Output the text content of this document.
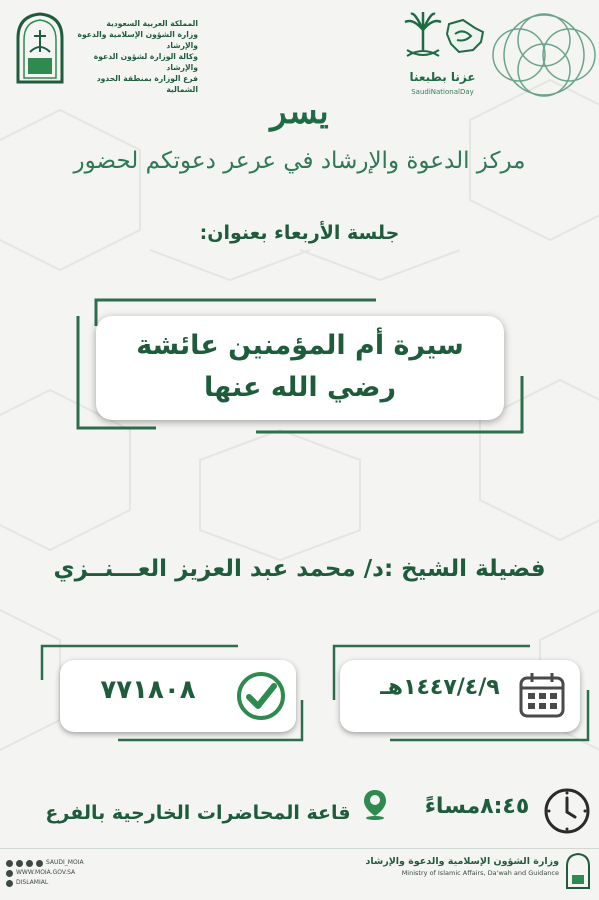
المملكة العربية السعودية
وزارة الشؤون الإسلامية والدعوة والإرشاد
وكالة الوزارة لشؤون الدعوة والإرشاد
فرع الوزارة بمنطقة الحدود الشمالية
عزنا بطبعنا
SaudiNationalDay
يسر
مركز الدعوة والإرشاد في عرعر دعوتكم لحضور
جلسة الأربعاء بعنوان:
سيرة أم المؤمنين عائشة
رضي الله عنها
فضيلة الشيخ :د/ محمد عبد العزيز العـــنــزي
٧٧١٨٠٨	١٤٤٧/٤/٩هـ
٨:٤٥مساءً
قاعة المحاضرات الخارجية بالفرع
وزارة الشؤون الإسلامية والدعوة والإرشاد
Ministry of Islamic Affairs, Da'wah and Guidance
SAUDI_MOIA
WWW.MOIA.GOV.SA
DISLAMIAL
